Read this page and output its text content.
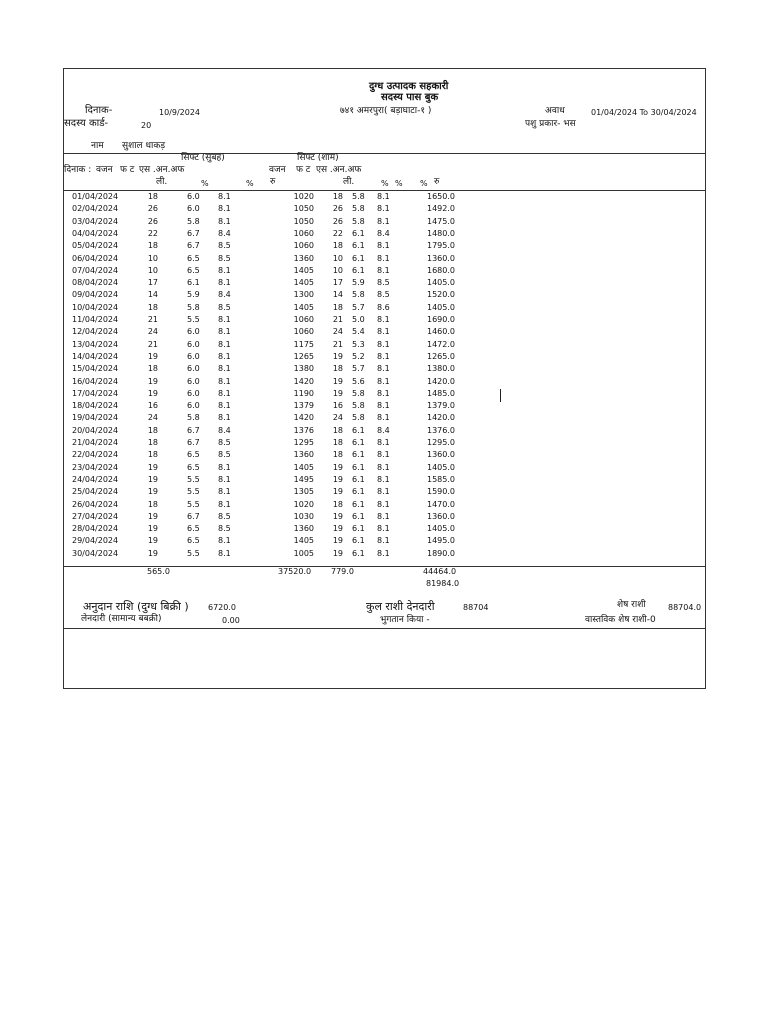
दुग्ध उत्पादक सहकारी
सदस्य पास बुक
७४१ अमरपुरा( बड़ाघाटा-१ )
दिनाक-	10/9/2024
सदस्य कार्ड-	20
अवाध	01/04/2024 To 30/04/2024
पशु प्रकार- भस
नाम सुशाल धाकड़
सिफ्ट (सुबह)	सिफ्ट (शाम)
दिनाक : वजन फ ट एस .अन.अफ	वजन फ ट एस .अन.अफ
ली.	%	% रु	ली.	% % % रु
01/04/2024	18	6.0 8.1	1020 18 5.8 8.1	1650.0
02/04/2024	26	6.0 8.1	1050 26 5.8 8.1	1492.0
03/04/2024	26	5.8 8.1	1050 26 5.8 8.1	1475.0
04/04/2024	22	6.7 8.4	1060 22 6.1 8.4	1480.0
05/04/2024	18	6.7 8.5	1060 18 6.1 8.1	1795.0
06/04/2024	10	6.5 8.5	1360 10 6.1 8.1	1360.0
07/04/2024	10	6.5 8.1	1405 10 6.1 8.1	1680.0
08/04/2024	17	6.1 8.1	1405 17 5.9 8.5	1405.0
09/04/2024	14	5.9 8.4	1300 14 5.8 8.5	1520.0
10/04/2024	18	5.8 8.5	1405 18 5.7 8.6	1405.0
11/04/2024	21	5.5 8.1	1060 21 5.0 8.1	1690.0
12/04/2024	24	6.0 8.1	1060 24 5.4 8.1	1460.0
13/04/2024	21	6.0 8.1	1175 21 5.3 8.1	1472.0
14/04/2024	19	6.0 8.1	1265 19 5.2 8.1	1265.0
15/04/2024	18	6.0 8.1	1380 18 5.7 8.1	1380.0
16/04/2024	19	6.0 8.1	1420 19 5.6 8.1	1420.0
17/04/2024	19	6.0 8.1	1190 19 5.8 8.1	1485.0
18/04/2024	16	6.0 8.1	1379 16 5.8 8.1	1379.0
19/04/2024	24	5.8 8.1	1420 24 5.8 8.1	1420.0
20/04/2024	18	6.7 8.4	1376 18 6.1 8.4	1376.0
21/04/2024	18	6.7 8.5	1295 18 6.1 8.1	1295.0
22/04/2024	18	6.5 8.5	1360 18 6.1 8.1	1360.0
23/04/2024	19	6.5 8.1	1405 19 6.1 8.1	1405.0
24/04/2024	19	5.5 8.1	1495 19 6.1 8.1	1585.0
25/04/2024	19	5.5 8.1	1305 19 6.1 8.1	1590.0
26/04/2024	18	5.5 8.1	1020 18 6.1 8.1	1470.0
27/04/2024	19	6.7 8.5	1030 19 6.1 8.1	1360.0
28/04/2024	19	6.5 8.5	1360 19 6.1 8.1	1405.0
29/04/2024	19	6.5 8.1	1405 19 6.1 8.1	1495.0
30/04/2024	19	5.5 8.1	1005 19 6.1 8.1	1890.0
565.0	37520.0 779.0	44464.0
81984.0
अनुदान राशि (दुग्ध बिक्री ) 6720.0	कुल राशी देनदारी	88704	शेष राशी	88704.0
लेनदारी (सामान्य बबक्री)	0.00	भुगतान किया -	वास्तविक शेष राशी-0
